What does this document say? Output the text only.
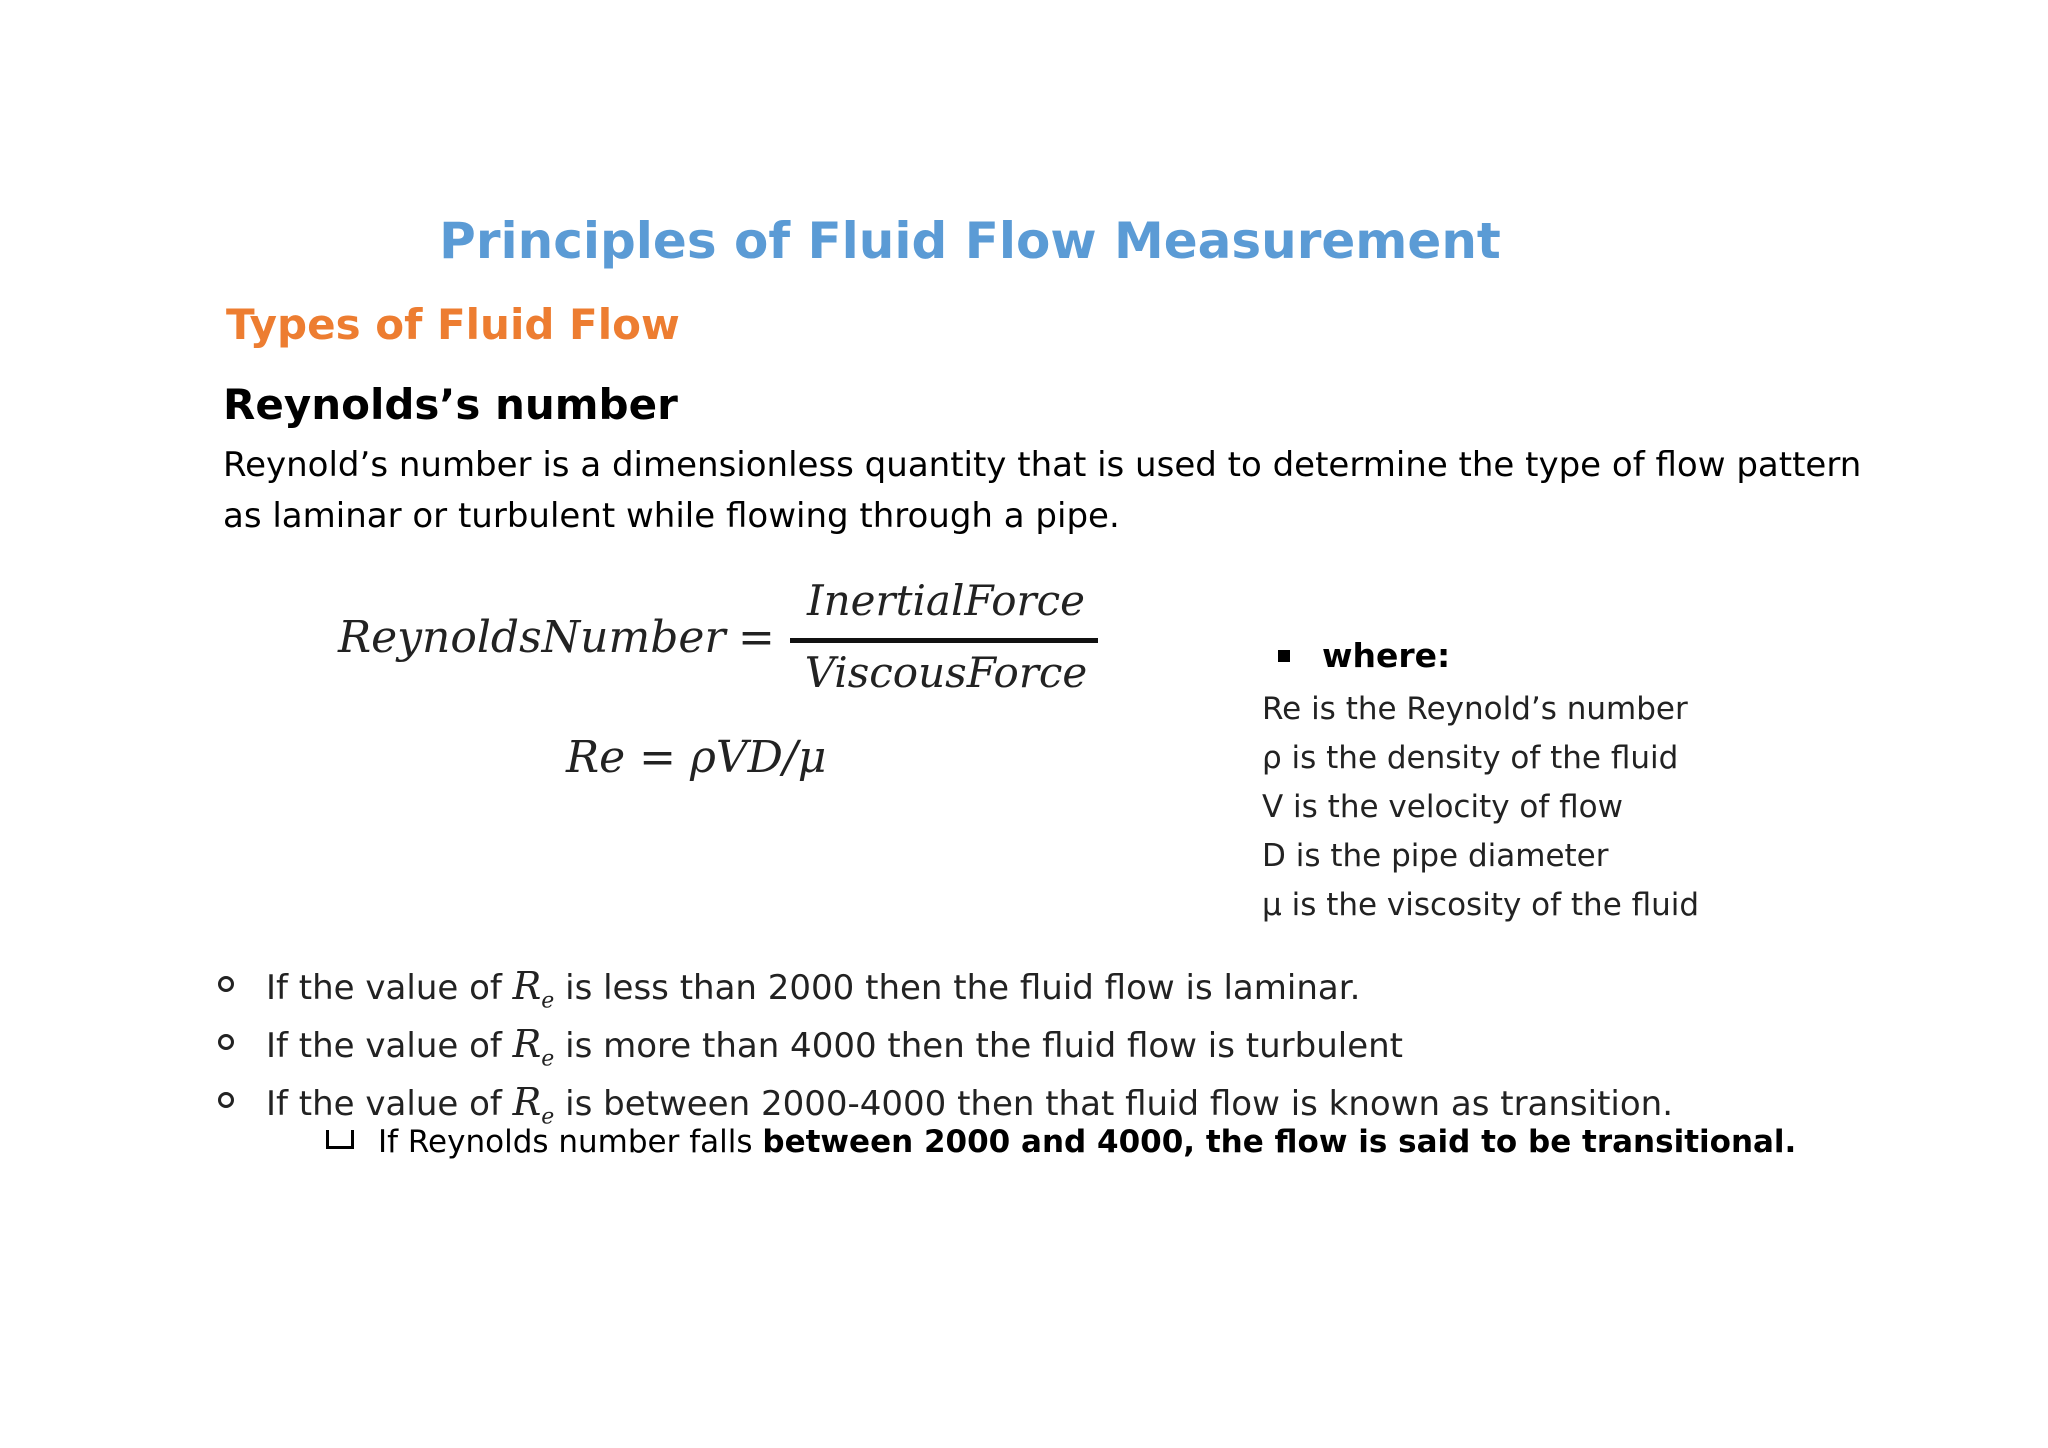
Principles of Fluid Flow Measurement
Types of Fluid Flow
Reynolds’s number
Reynold’s number is a dimensionless quantity that is used to determine the type of flow pattern
as laminar or turbulent while flowing through a pipe.
ReynoldsNumber =
InertialForce
ViscousForce
Re = ρVD/μ
where:
Re is the Reynold’s number
ρ is the density of the fluid
V is the velocity of flow
D is the pipe diameter
μ is the viscosity of the fluid
If the value of $R_e$ is less than 2000 then the fluid flow is laminar.
If the value of $R_e$ is more than 4000 then the fluid flow is turbulent
If the value of $R_e$ is between 2000-4000 then that fluid flow is known as transition.
If Reynolds number falls between 2000 and 4000, the flow is said to be transitional.
